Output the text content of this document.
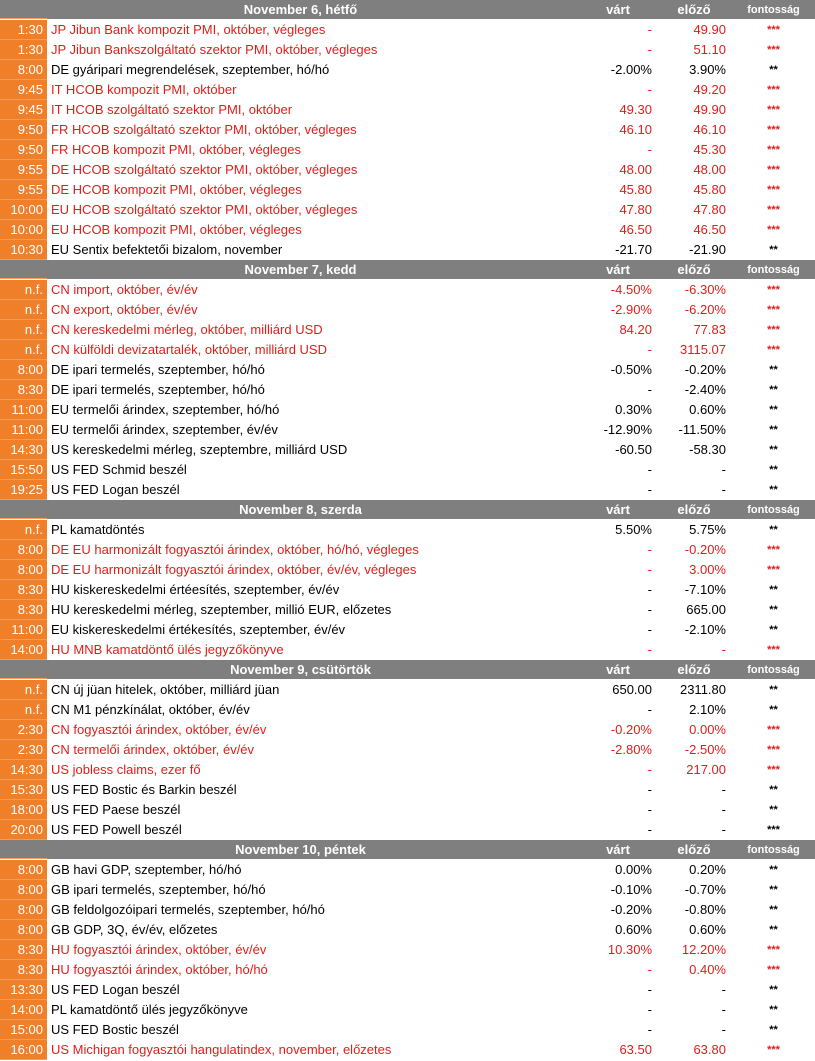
November 6, hétfő	várt	előző	fontosság
1:30 JP Jibun Bank kompozit PMI, október, végleges	-	49.90	***
1:30 JP Jibun Bankszolgáltató szektor PMI, október, végleges	-	51.10	***
8:00 DE gyáripari megrendelések, szeptember, hó/hó	-2.00%	3.90%	**
9:45 IT HCOB kompozit PMI, október	-	49.20	***
9:45 IT HCOB szolgáltató szektor PMI, október	49.30	49.90	***
9:50 FR HCOB szolgáltató szektor PMI, október, végleges	46.10	46.10	***
9:50 FR HCOB kompozit PMI, október, végleges	-	45.30	***
9:55 DE HCOB szolgáltató szektor PMI, október, végleges	48.00	48.00	***
9:55 DE HCOB kompozit PMI, október, végleges	45.80	45.80	***
10:00 EU HCOB szolgáltató szektor PMI, október, végleges	47.80	47.80	***
10:00 EU HCOB kompozit PMI, október, végleges	46.50	46.50	***
10:30 EU Sentix befektetői bizalom, november	-21.70	-21.90	**
November 7, kedd	várt	előző	fontosság
n.f. CN import, október, év/év	-4.50%	-6.30%	***
n.f. CN export, október, év/év	-2.90%	-6.20%	***
n.f. CN kereskedelmi mérleg, október, milliárd USD	84.20	77.83	***
n.f. CN külföldi devizatartalék, október, milliárd USD	-	3115.07	***
8:00 DE ipari termelés, szeptember, hó/hó	-0.50%	-0.20%	**
8:30 DE ipari termelés, szeptember, hó/hó	-	-2.40%	**
11:00 EU termelői árindex, szeptember, hó/hó	0.30%	0.60%	**
11:00 EU termelői árindex, szeptember, év/év	-12.90%	-11.50%	**
14:30 US kereskedelmi mérleg, szeptembre, milliárd USD	-60.50	-58.30	**
15:50 US FED Schmid beszél	-	-	**
19:25 US FED Logan beszél	-	-	**
November 8, szerda	várt	előző	fontosság
n.f. PL kamatdöntés	5.50%	5.75%	**
8:00 DE EU harmonizált fogyasztói árindex, október, hó/hó, végleges	-	-0.20%	***
8:00 DE EU harmonizált fogyasztói árindex, október, év/év, végleges	-	3.00%	***
8:30 HU kiskereskedelmi értéesítés, szeptember, év/év	-	-7.10%	**
8:30 HU kereskedelmi mérleg, szeptember, millió EUR, előzetes	-	665.00	**
11:00 EU kiskereskedelmi értékesítés, szeptember, év/év	-	-2.10%	**
14:00 HU MNB kamatdöntő ülés jegyzőkönyve	-	-	***
November 9, csütörtök	várt	előző	fontosság
n.f. CN új jüan hitelek, október, milliárd jüan	650.00	2311.80	**
n.f. CN M1 pénzkínálat, október, év/év	-	2.10%	**
2:30 CN fogyasztói árindex, október, év/év	-0.20%	0.00%	***
2:30 CN termelői árindex, október, év/év	-2.80%	-2.50%	***
14:30 US jobless claims, ezer fő	-	217.00	***
15:30 US FED Bostic és Barkin beszél	-	-	**
18:00 US FED Paese beszél	-	-	**
20:00 US FED Powell beszél	-	-	***
November 10, péntek	várt	előző	fontosság
8:00 GB havi GDP, szeptember, hó/hó	0.00%	0.20%	**
8:00 GB ipari termelés, szeptember, hó/hó	-0.10%	-0.70%	**
8:00 GB feldolgozóipari termelés, szeptember, hó/hó	-0.20%	-0.80%	**
8:00 GB GDP, 3Q, év/év, előzetes	0.60%	0.60%	**
8:30 HU fogyasztói árindex, október, év/év	10.30%	12.20%	***
8:30 HU fogyasztói árindex, október, hó/hó	-	0.40%	***
13:30 US FED Logan beszél	-	-	**
14:00 PL kamatdöntő ülés jegyzőkönyve	-	-	**
15:00 US FED Bostic beszél	-	-	**
16:00 US Michigan fogyasztói hangulatindex, november, előzetes	63.50	63.80	***
